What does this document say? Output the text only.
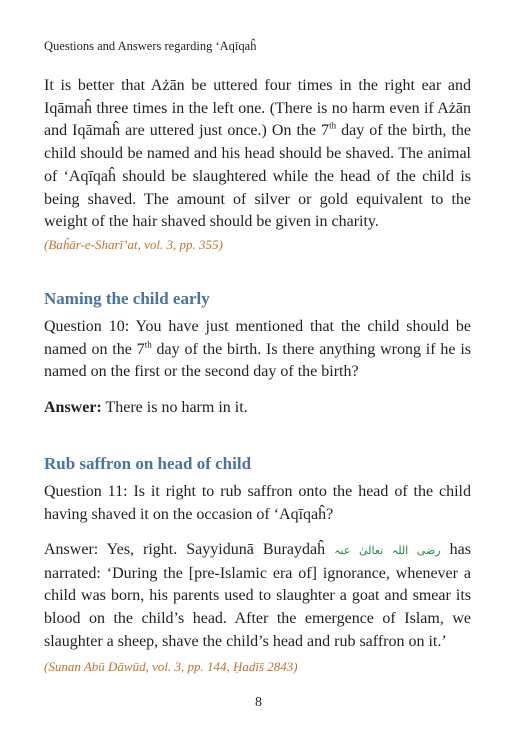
Questions and Answers regarding ‘Aqīqaĥ

It is better that Ażān be uttered four times in the right ear and Iqāmaĥ three times in the left one. (There is no harm even if Ażān and Iqāmaĥ are uttered just once.) On the 7th day of the birth, the child should be named and his head should be shaved. The animal of ‘Aqīqaĥ should be slaughtered while the head of the child is being shaved. The amount of silver or gold equivalent to the weight of the hair shaved should be given in charity.

(Baĥār-e-Sharī’at, vol. 3, pp. 355)

Naming the child early

Question 10: You have just mentioned that the child should be named on the 7th day of the birth. Is there anything wrong if he is named on the first or the second day of the birth?

Answer: There is no harm in it.

Rub saffron on head of child

Question 11: Is it right to rub saffron onto the head of the child having shaved it on the occasion of ‘Aqīqaĥ?

Answer: Yes, right. Sayyidunā Buraydaĥ رضی اللہ تعالیٰ عنہ has narrated: ‘During the [pre-Islamic era of] ignorance, whenever a child was born, his parents used to slaughter a goat and smear its blood on the child’s head. After the emergence of Islam, we slaughter a sheep, shave the child’s head and rub saffron on it.’

(Sunan Abū Dāwūd, vol. 3, pp. 144, Ḥadīš 2843)

8
